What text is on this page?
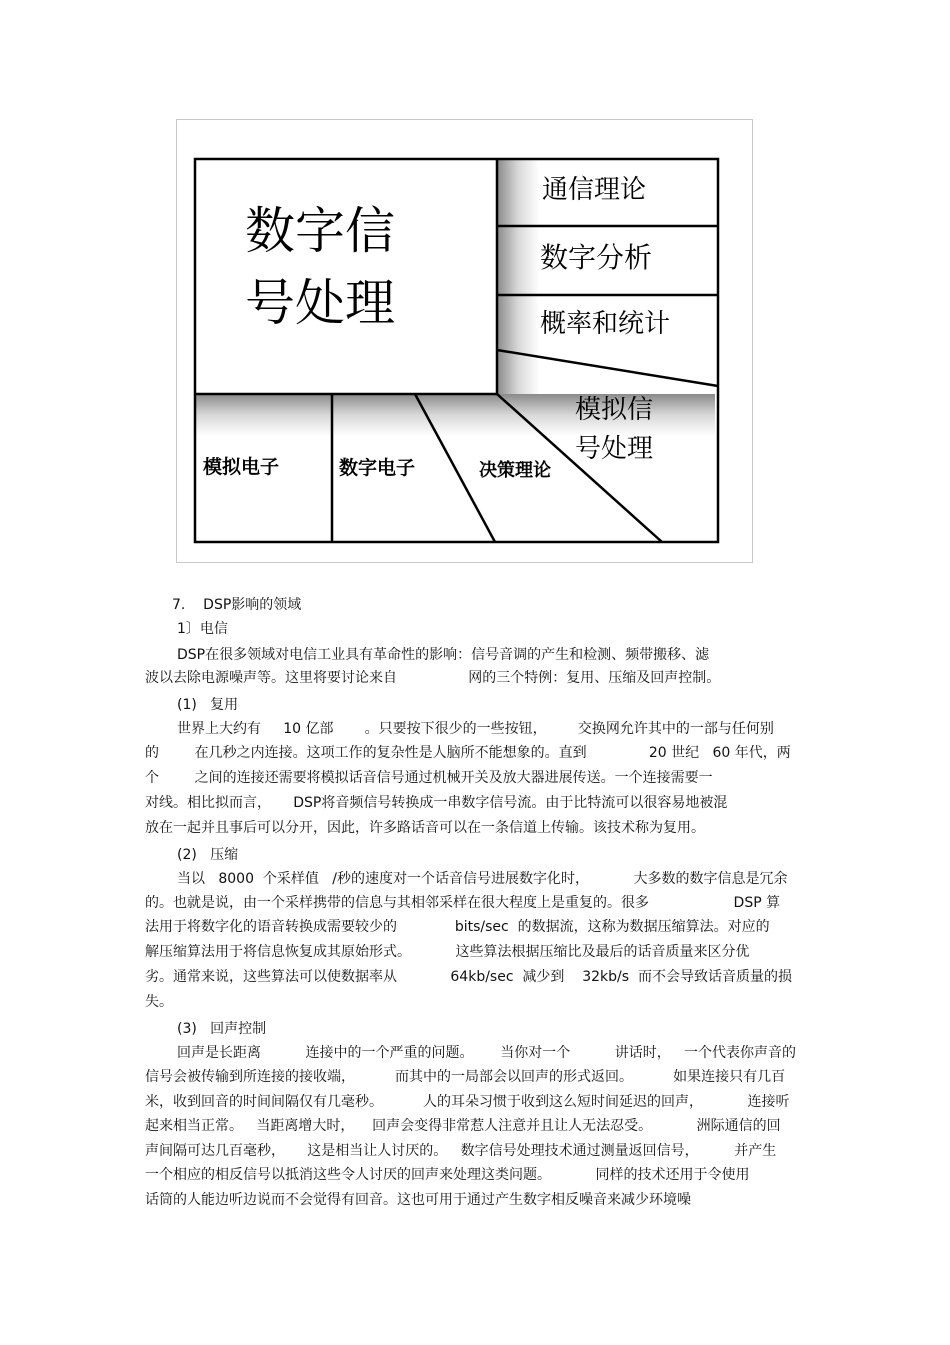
数字信
号处理
通信理论
数字分析
概率和统计
模拟信
号处理
模拟电子	数字电子	决策理论
7.    DSP影响的领域
1〕电信
DSP在很多领域对电信工业具有革命性的影响：信号音调的产生和检测、频带搬移、滤
波以去除电源噪声等。这里将要讨论来自                网的三个特例：复用、压缩及回声控制。
(1)   复用
世界上大约有     10 亿部       。只要按下很少的一些按钮，       交换网允许其中的一部与任何别
的        在几秒之内连接。这项工作的复杂性是人脑所不能想象的。直到              20 世纪   60 年代，两
个        之间的连接还需要将模拟话音信号通过机械开关及放大器进展传送。一个连接需要一
对线。相比拟而言，     DSP将音频信号转换成一串数字信号流。由于比特流可以很容易地被混
放在一起并且事后可以分开，因此，许多路话音可以在一条信道上传输。该技术称为复用。
(2)   压缩
当以   8000  个采样值   /秒的速度对一个话音信号进展数字化时，          大多数的数字信息是冗余
的。也就是说，由一个采样携带的信息与其相邻采样在很大程度上是重复的。很多                   DSP 算
法用于将数字化的语音转换成需要较少的             bits/sec  的数据流，这称为数据压缩算法。对应的
解压缩算法用于将信息恢复成其原始形式。          这些算法根据压缩比及最后的话音质量来区分优
劣。通常来说，这些算法可以使数据率从            64kb/sec  减少到    32kb/s  而不会导致话音质量的损
失。
(3)   回声控制
回声是长距离          连接中的一个严重的问题。      当你对一个          讲话时，   一个代表你声音的
信号会被传输到所连接的接收端，         而其中的一局部会以回声的形式返回。         如果连接只有几百
米，收到回音的时间间隔仅有几毫秒。         人的耳朵习惯于收到这么短时间延迟的回声，          连接听
起来相当正常。   当距离增大时，    回声会变得非常惹人注意并且让人无法忍受。          洲际通信的回
声间隔可达几百毫秒，     这是相当让人讨厌的。   数字信号处理技术通过测量返回信号，        并产生
一个相应的相反信号以抵消这些令人讨厌的回声来处理这类问题。          同样的技术还用于令使用
话筒的人能边听边说而不会觉得有回音。这也可用于通过产生数字相反噪音来减少环境噪
